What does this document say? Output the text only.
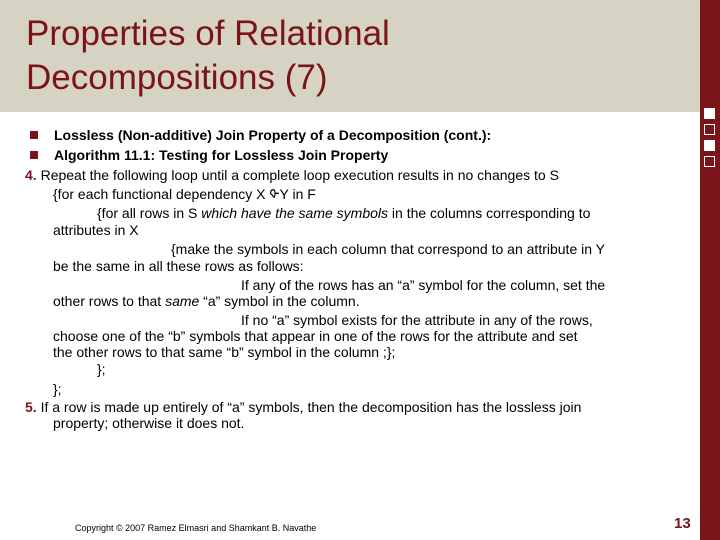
Properties of Relational
Decompositions (7)
Lossless (Non-additive) Join Property of a Decomposition (cont.):
Algorithm 11.1: Testing for Lossless Join Property
4. Repeat the following loop until a complete loop execution results in no changes to S
{for each functional dependency X ᡐY in F
{for all rows in S which have the same symbols in the columns corresponding to
attributes in X
{make the symbols in each column that correspond to an attribute in Y
be the same in all these rows as follows:
If any of the rows has an “a” symbol for the column, set the
other rows to that same “a” symbol in the column.
If no “a” symbol exists for the attribute in any of the rows,
choose one of the “b” symbols that appear in one of the rows for the attribute and set
the other rows to that same “b” symbol in the column ;};
};
};
5. If a row is made up entirely of “a” symbols, then the decomposition has the lossless join
property; otherwise it does not.
Copyright © 2007 Ramez Elmasri and Shamkant B. Navathe	13
